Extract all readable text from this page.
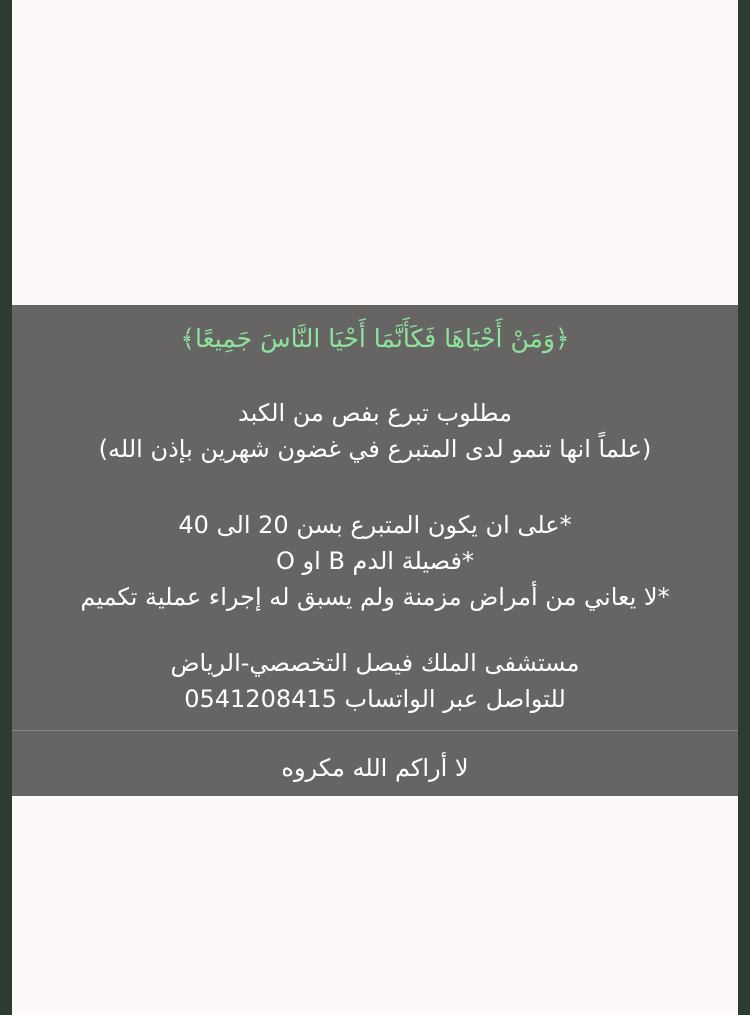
﴿وَمَنْ أَحْيَاهَا فَكَأَنَّمَا أَحْيَا النَّاسَ جَمِيعًا﴾
مطلوب تبرع بفص من الكبد
(علماً انها تنمو لدى المتبرع في غضون شهرين بإذن الله)
*على ان يكون المتبرع بسن 20 الى 40
*فصيلة الدم B او O
*لا يعاني من أمراض مزمنة ولم يسبق له إجراء عملية تكميم
مستشفى الملك فيصل التخصصي-الرياض
للتواصل عبر الواتساب 0541208415
لا أراكم الله مكروه
